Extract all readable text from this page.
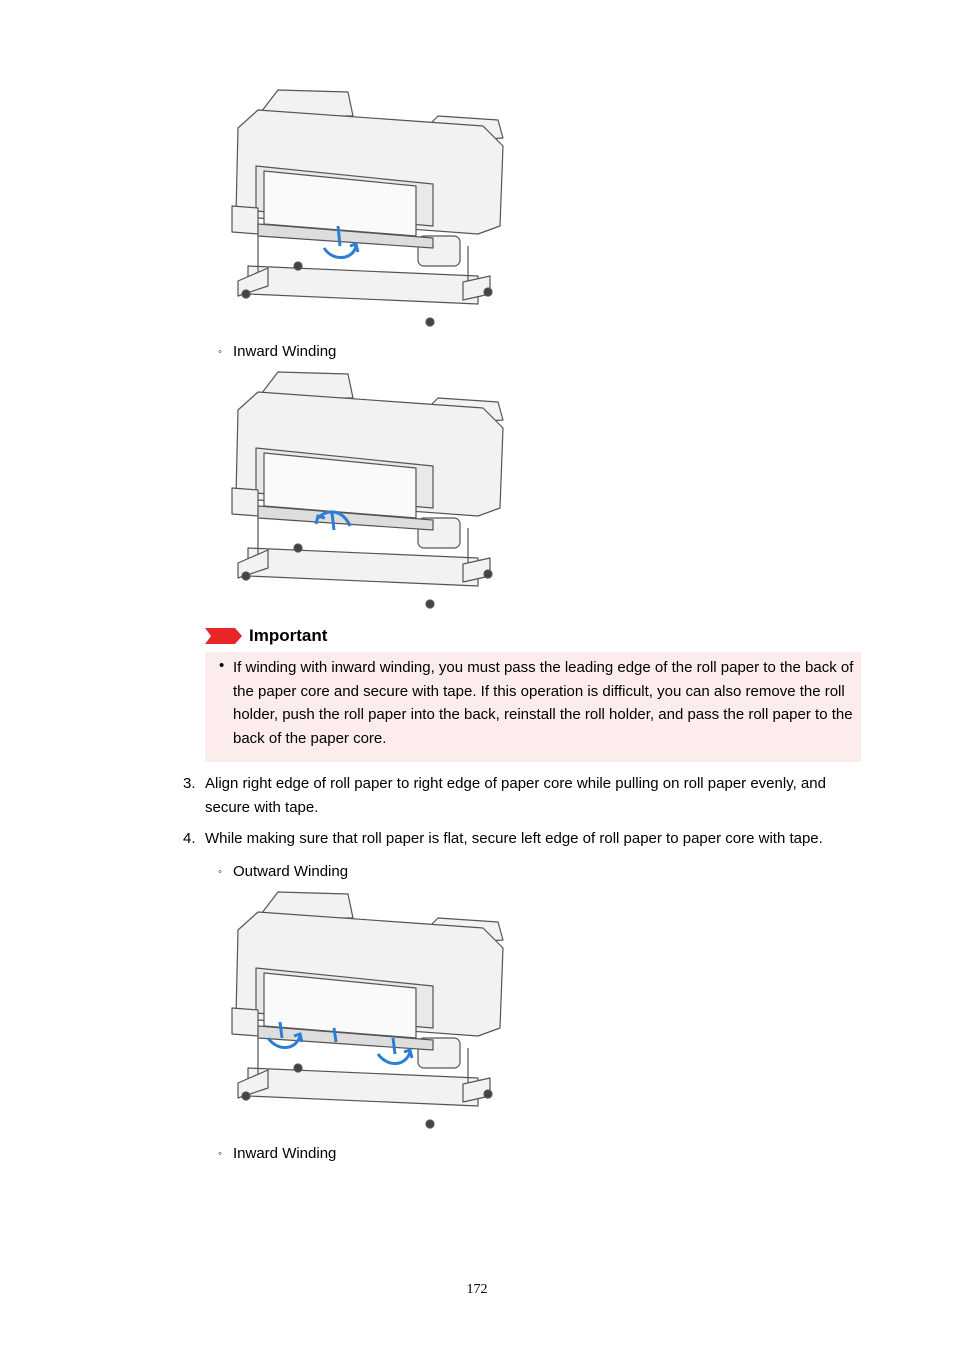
◦ Inward Winding
Important
• If winding with inward winding, you must pass the leading edge of the roll paper to the back of the paper core and secure with tape. If this operation is difficult, you can also remove the roll holder, push the roll paper into the back, reinstall the roll holder, and pass the roll paper to the back of the paper core.
3. Align right edge of roll paper to right edge of paper core while pulling on roll paper evenly, and secure with tape.
4. While making sure that roll paper is flat, secure left edge of roll paper to paper core with tape.
◦ Outward Winding
◦ Inward Winding
172
